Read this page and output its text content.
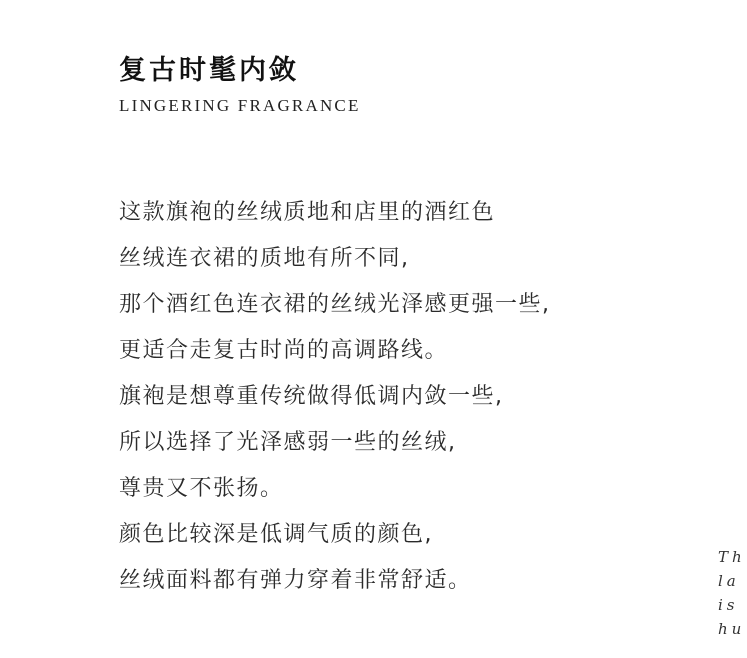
复古时髦内敛
LINGERING FRAGRANCE
这款旗袍的丝绒质地和店里的酒红色
丝绒连衣裙的质地有所不同,
那个酒红色连衣裙的丝绒光泽感更强一些,
更适合走复古时尚的高调路线。
旗袍是想尊重传统做得低调内敛一些,
所以选择了光泽感弱一些的丝绒,
尊贵又不张扬。
颜色比较深是低调气质的颜色,
丝绒面料都有弹力穿着非常舒适。
Th
la
is
hu
